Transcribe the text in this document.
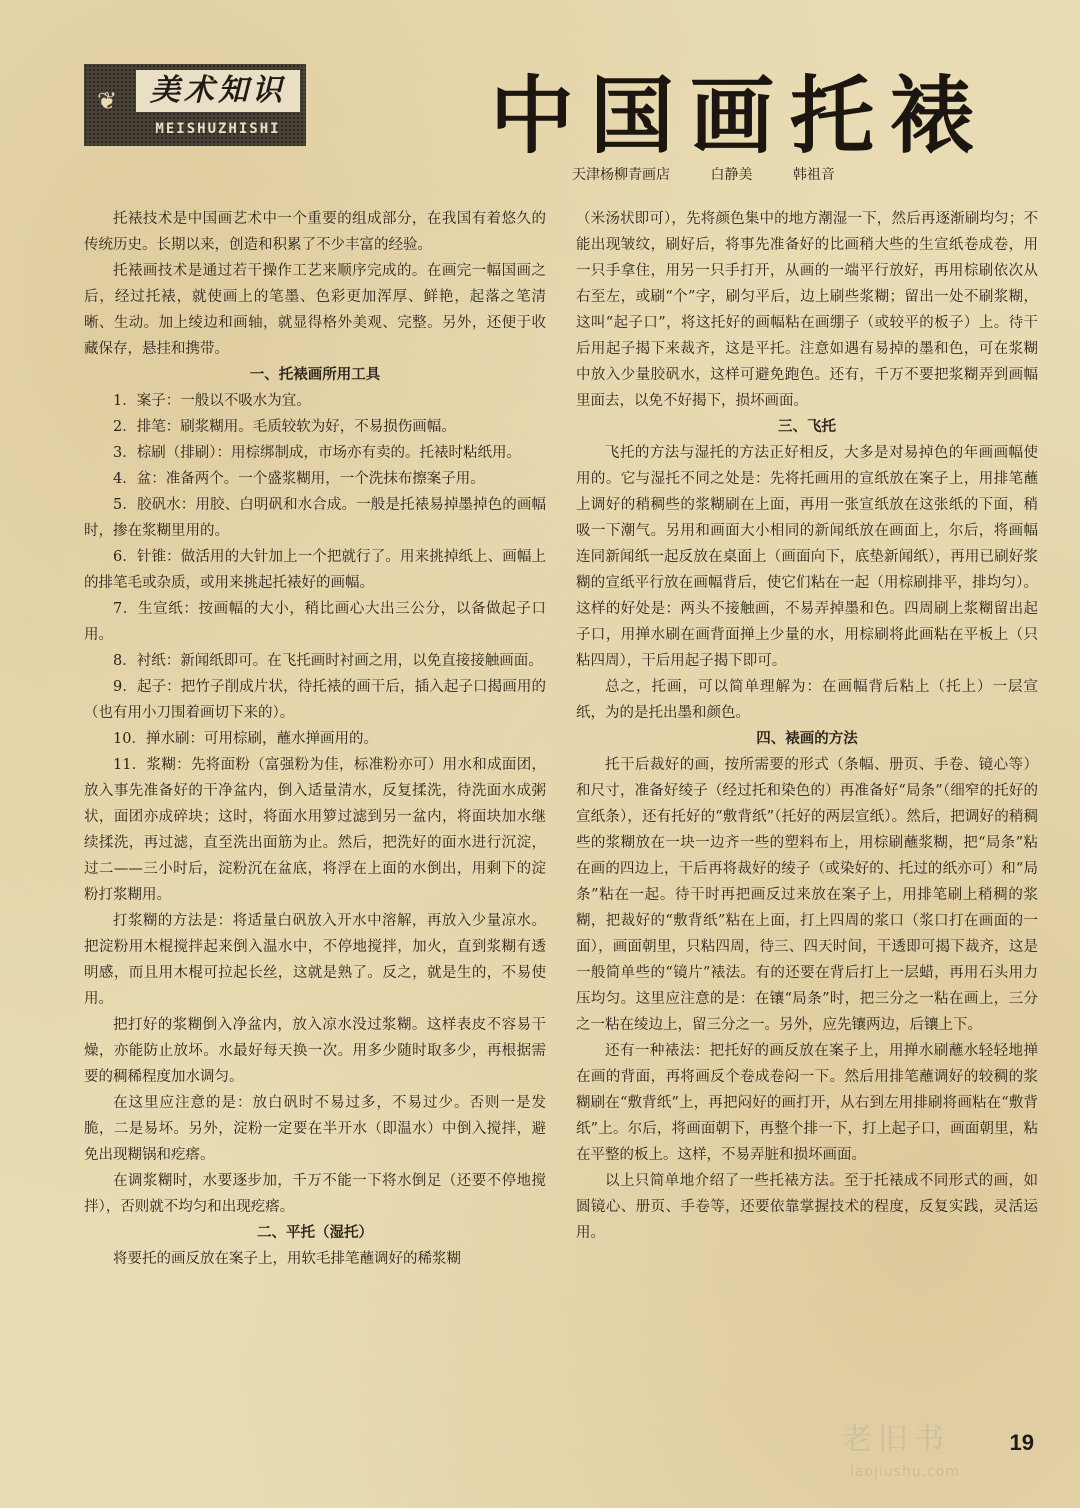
❦	美术知识
MEISHUZHISHI 中国画托裱
天津杨柳青画店	白静美	韩祖音

托裱技术是中国画艺术中一个重要的组成部分，在我国有着悠久的传统历史。长期以来，创造和积累了不少丰富的经验。

托裱画技术是通过若干操作工艺来顺序完成的。在画完一幅国画之后，经过托裱，就使画上的笔墨、色彩更加浑厚、鲜艳，起落之笔清晰、生动。加上绫边和画轴，就显得格外美观、完整。另外，还便于收藏保存，悬挂和携带。

一、托裱画所用工具

1．案子：一般以不吸水为宜。

2．排笔：刷浆糊用。毛质较软为好，不易损伤画幅。

3．棕刷（排刷）：用棕绑制成，市场亦有卖的。托裱时粘纸用。

4．盆：准备两个。一个盛浆糊用，一个洗抹布擦案子用。

5．胶矾水：用胶、白明矾和水合成。一般是托裱易掉墨掉色的画幅时，掺在浆糊里用的。

6．针锥：做活用的大针加上一个把就行了。用来挑掉纸上、画幅上的排笔毛或杂质，或用来挑起托裱好的画幅。

7．生宣纸：按画幅的大小，稍比画心大出三公分，以备做起子口用。

8．衬纸：新闻纸即可。在飞托画时衬画之用，以免直接接触画面。

9．起子：把竹子削成片状，待托裱的画干后，插入起子口揭画用的（也有用小刀围着画切下来的）。

10．掸水刷：可用棕刷，蘸水掸画用的。

11．浆糊：先将面粉（富强粉为佳，标准粉亦可）用水和成面团，放入事先准备好的干净盆内，倒入适量清水，反复揉洗，待洗面水成粥状，面团亦成碎块；这时，将面水用箩过滤到另一盆内，将面块加水继续揉洗，再过滤，直至洗出面筋为止。然后，把洗好的面水进行沉淀，过二——三小时后，淀粉沉在盆底，将浮在上面的水倒出，用剩下的淀粉打浆糊用。

打浆糊的方法是：将适量白矾放入开水中溶解，再放入少量凉水。把淀粉用木棍搅拌起来倒入温水中，不停地搅拌，加火，直到浆糊有透明感，而且用木棍可拉起长丝，这就是熟了。反之，就是生的，不易使用。

把打好的浆糊倒入净盆内，放入凉水没过浆糊。这样表皮不容易干燥，亦能防止放坏。水最好每天换一次。用多少随时取多少，再根据需要的稠稀程度加水调匀。

在这里应注意的是：放白矾时不易过多，不易过少。否则一是发脆，二是易坏。另外，淀粉一定要在半开水（即温水）中倒入搅拌，避免出现糊锅和疙瘩。

在调浆糊时，水要逐步加，千万不能一下将水倒足（还要不停地搅拌），否则就不均匀和出现疙瘩。

二、平托（湿托）

将要托的画反放在案子上，用软毛排笔蘸调好的稀浆糊

（米汤状即可），先将颜色集中的地方潮湿一下，然后再逐渐刷均匀；不能出现皱纹，刷好后，将事先准备好的比画稍大些的生宣纸卷成卷，用一只手拿住，用另一只手打开，从画的一端平行放好，再用棕刷依次从右至左，或刷“个”字，刷匀平后，边上刷些浆糊；留出一处不刷浆糊，这叫“起子口”，将这托好的画幅粘在画绷子（或较平的板子）上。待干后用起子揭下来裁齐，这是平托。注意如遇有易掉的墨和色，可在浆糊中放入少量胶矾水，这样可避免跑色。还有，千万不要把浆糊弄到画幅里面去，以免不好揭下，损坏画面。

三、飞托

飞托的方法与湿托的方法正好相反，大多是对易掉色的年画画幅使用的。它与湿托不同之处是：先将托画用的宣纸放在案子上，用排笔蘸上调好的稍稠些的浆糊刷在上面，再用一张宣纸放在这张纸的下面，稍吸一下潮气。另用和画面大小相同的新闻纸放在画面上，尔后，将画幅连同新闻纸一起反放在桌面上（画面向下，底垫新闻纸），再用已刷好浆糊的宣纸平行放在画幅背后，使它们粘在一起（用棕刷排平，排均匀）。这样的好处是：两头不接触画，不易弄掉墨和色。四周刷上浆糊留出起子口，用掸水刷在画背面掸上少量的水，用棕刷将此画粘在平板上（只粘四周），干后用起子揭下即可。

总之，托画，可以简单理解为：在画幅背后粘上（托上）一层宣纸，为的是托出墨和颜色。

四、裱画的方法

托干后裁好的画，按所需要的形式（条幅、册页、手卷、镜心等）和尺寸，准备好绫子（经过托和染色的）再准备好“局条”（细窄的托好的宣纸条），还有托好的“敷背纸”（托好的两层宣纸）。然后，把调好的稍稠些的浆糊放在一块一边齐一些的塑料布上，用棕刷蘸浆糊，把“局条”粘在画的四边上，干后再将裁好的绫子（或染好的、托过的纸亦可）和“局条”粘在一起。待干时再把画反过来放在案子上，用排笔刷上稍稠的浆糊，把裁好的“敷背纸”粘在上面，打上四周的浆口（浆口打在画面的一面），画面朝里，只粘四周，待三、四天时间，干透即可揭下裁齐，这是一般简单些的“镜片”裱法。有的还要在背后打上一层蜡，再用石头用力压均匀。这里应注意的是：在镶“局条”时，把三分之一粘在画上，三分之一粘在绫边上，留三分之一。另外，应先镶两边，后镶上下。

还有一种裱法：把托好的画反放在案子上，用掸水刷蘸水轻轻地掸在画的背面，再将画反个卷成卷闷一下。然后用排笔蘸调好的较稠的浆糊刷在“敷背纸”上，再把闷好的画打开，从右到左用排刷将画粘在“敷背纸”上。尔后，将画面朝下，再整个排一下，打上起子口，画面朝里，粘在平整的板上。这样，不易弄脏和损坏画面。

以上只简单地介绍了一些托裱方法。至于托裱成不同形式的画，如圆镜心、册页、手卷等，还要依靠掌握技术的程度，反复实践，灵活运用。

老旧书
laojiushu.com
19
